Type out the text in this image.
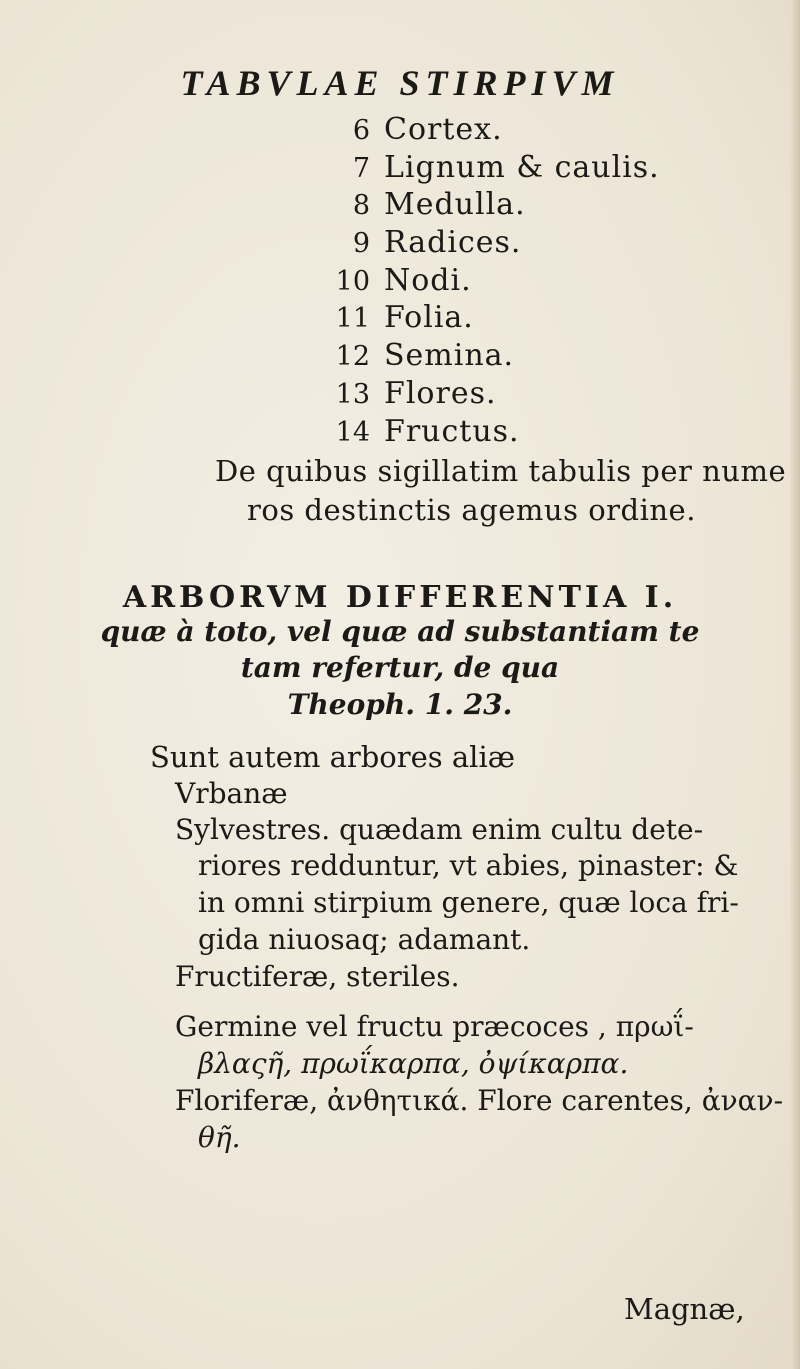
TABVLAE STIRPIVM
6 Cortex.
7 Lignum & caulis.
8 Medulla.
9 Radices.
10 Nodi.
11 Folia.
12 Semina.
13 Flores.
14 Fructus.
De quibus sigillatim tabulis per nume
ros destinctis agemus ordine.
ARBORVM DIFFERENTIA I.
quæ à toto, vel quæ ad substantiam te
tam refertur, de qua
Theoph. 1. 23.
Sunt autem arbores aliæ
Vrbanæ
Sylvestres. quædam enim cultu dete-
riores redduntur, vt abies, pinaster: &
in omni stirpium genere, quæ loca fri-
gida niuosaq; adamant.
Fructiferæ, steriles.
Germine vel fructu præcoces , πρωΐ-
βλαςῆ, πρωΐκαρπα, ὀψίκαρπα.
Floriferæ, ἀνθητικά. Flore carentes, ἀναν-
θῆ.
Magnæ,
